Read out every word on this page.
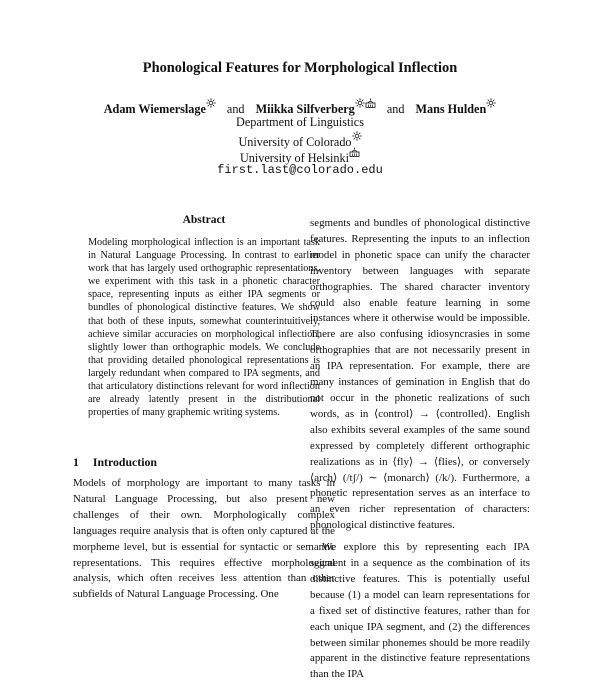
Phonological Features for Morphological Inflection
Adam Wiemerslage and Miikka Silfverberg	and Mans Hulden
Department of Linguistics
University of Colorado
University of Helsinki
first.last@colorado.edu
Abstract

Modeling morphological inflection is an important task in Natural Language Processing. In contrast to earlier work that has largely used orthographic representations, we experiment with this task in a phonetic character space, representing inputs as either IPA segments or bundles of phonological distinctive features. We show that both of these inputs, somewhat counterintuitively, achieve similar accuracies on morphological inflection, slightly lower than orthographic models. We conclude that providing detailed phonological representations is largely redundant when compared to IPA segments, and that articulatory distinctions relevant for word inflection are already latently present in the distributional properties of many graphemic writing systems.

1 Introduction

Models of morphology are important to many tasks in Natural Language Processing, but also present new challenges of their own. Morphologically complex languages require analysis that is often only captured at the morpheme level, but is essential for syntactic or semantic representations. This requires effective morphological analysis, which often receives less attention than other subfields of Natural Language Processing. One

segments and bundles of phonological distinctive features. Representing the inputs to an inflection model in phonetic space can unify the character inventory between languages with separate orthographies. The shared character inventory could also enable feature learning in some instances where it otherwise would be impossible. There are also confusing idiosyncrasies in some orthographies that are not necessarily present in an IPA representation. For example, there are many instances of gemination in English that do not occur in the phonetic realizations of such words, as in ⟨control⟩ → ⟨controlled⟩. English also exhibits several examples of the same sound expressed by completely different orthographic realizations as in ⟨fly⟩ → ⟨flies⟩, or conversely ⟨arch⟩ (/tʃ/) ∼ ⟨monarch⟩ (/k/). Furthermore, a phonetic representation serves as an interface to an even richer representation of characters: phonological distinctive features.

We explore this by representing each IPA segment in a sequence as the combination of its distinctive features. This is potentially useful because (1) a model can learn representations for a fixed set of distinctive features, rather than for each unique IPA segment, and (2) the differences between similar phonemes should be more readily apparent in the distinctive feature representations than the IPA
